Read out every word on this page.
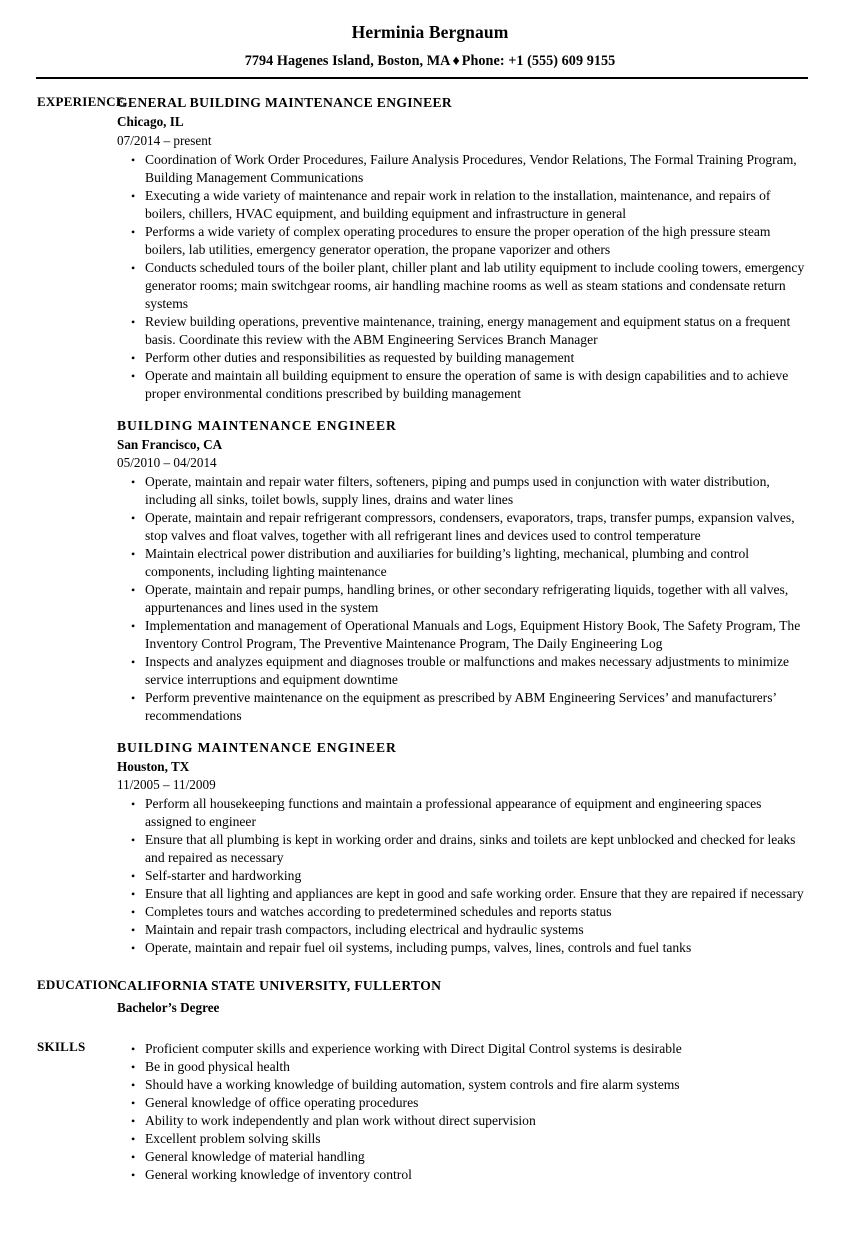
Herminia Bergnaum
7794 Hagenes Island, Boston, MA ♦ Phone: +1 (555) 609 9155
EXPERIENCE
GENERAL BUILDING MAINTENANCE ENGINEER
Chicago, IL
07/2014 – present
• Coordination of Work Order Procedures, Failure Analysis Procedures, Vendor Relations, The Formal Training Program, Building Management Communications
• Executing a wide variety of maintenance and repair work in relation to the installation, maintenance, and repairs of boilers, chillers, HVAC equipment, and building equipment and infrastructure in general
• Performs a wide variety of complex operating procedures to ensure the proper operation of the high pressure steam boilers, lab utilities, emergency generator operation, the propane vaporizer and others
• Conducts scheduled tours of the boiler plant, chiller plant and lab utility equipment to include cooling towers, emergency generator rooms; main switchgear rooms, air handling machine rooms as well as steam stations and condensate return systems
• Review building operations, preventive maintenance, training, energy management and equipment status on a frequent basis. Coordinate this review with the ABM Engineering Services Branch Manager
• Perform other duties and responsibilities as requested by building management
• Operate and maintain all building equipment to ensure the operation of same is with design capabilities and to achieve proper environmental conditions prescribed by building management
BUILDING MAINTENANCE ENGINEER
San Francisco, CA
05/2010 – 04/2014
• Operate, maintain and repair water filters, softeners, piping and pumps used in conjunction with water distribution, including all sinks, toilet bowls, supply lines, drains and water lines
• Operate, maintain and repair refrigerant compressors, condensers, evaporators, traps, transfer pumps, expansion valves, stop valves and float valves, together with all refrigerant lines and devices used to control temperature
• Maintain electrical power distribution and auxiliaries for building’s lighting, mechanical, plumbing and control components, including lighting maintenance
• Operate, maintain and repair pumps, handling brines, or other secondary refrigerating liquids, together with all valves, appurtenances and lines used in the system
• Implementation and management of Operational Manuals and Logs, Equipment History Book, The Safety Program, The Inventory Control Program, The Preventive Maintenance Program, The Daily Engineering Log
• Inspects and analyzes equipment and diagnoses trouble or malfunctions and makes necessary adjustments to minimize service interruptions and equipment downtime
• Perform preventive maintenance on the equipment as prescribed by ABM Engineering Services’ and manufacturers’ recommendations
BUILDING MAINTENANCE ENGINEER
Houston, TX
11/2005 – 11/2009
• Perform all housekeeping functions and maintain a professional appearance of equipment and engineering spaces assigned to engineer
• Ensure that all plumbing is kept in working order and drains, sinks and toilets are kept unblocked and checked for leaks and repaired as necessary
• Self-starter and hardworking
• Ensure that all lighting and appliances are kept in good and safe working order. Ensure that they are repaired if necessary
• Completes tours and watches according to predetermined schedules and reports status
• Maintain and repair trash compactors, including electrical and hydraulic systems
• Operate, maintain and repair fuel oil systems, including pumps, valves, lines, controls and fuel tanks
EDUCATION CALIFORNIA STATE UNIVERSITY, FULLERTON
Bachelor’s Degree
SKILLS	• Proficient computer skills and experience working with Direct Digital Control systems is desirable
• Be in good physical health
• Should have a working knowledge of building automation, system controls and fire alarm systems
• General knowledge of office operating procedures
• Ability to work independently and plan work without direct supervision
• Excellent problem solving skills
• General knowledge of material handling
• General working knowledge of inventory control
